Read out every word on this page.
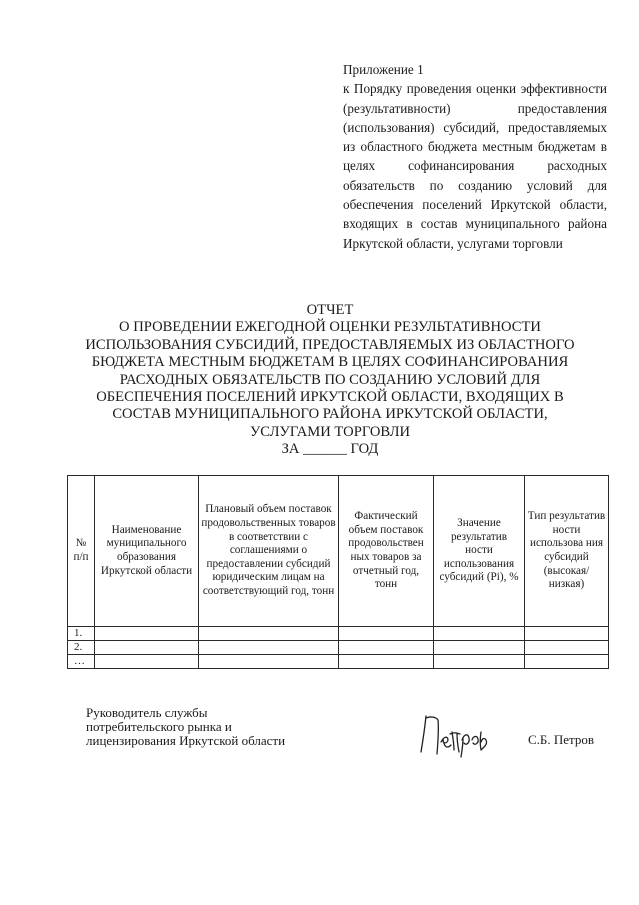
Приложение 1
к Порядку проведения оценки эффективности (результативности) предоставления (использования) субсидий, предоставляемых из областного бюджета местным бюджетам в целях софинансирования расходных обязательств по созданию условий для обеспечения поселений Иркутской области, входящих в состав муниципального района Иркутской области, услугами торговли
ОТЧЕТ
О ПРОВЕДЕНИИ ЕЖЕГОДНОЙ ОЦЕНКИ РЕЗУЛЬТАТИВНОСТИ
ИСПОЛЬЗОВАНИЯ СУБСИДИЙ, ПРЕДОСТАВЛЯЕМЫХ ИЗ ОБЛАСТНОГО
БЮДЖЕТА МЕСТНЫМ БЮДЖЕТАМ В ЦЕЛЯХ СОФИНАНСИРОВАНИЯ
РАСХОДНЫХ ОБЯЗАТЕЛЬСТВ ПО СОЗДАНИЮ УСЛОВИЙ ДЛЯ
ОБЕСПЕЧЕНИЯ ПОСЕЛЕНИЙ ИРКУТСКОЙ ОБЛАСТИ, ВХОДЯЩИХ В
СОСТАВ МУНИЦИПАЛЬНОГО РАЙОНА ИРКУТСКОЙ ОБЛАСТИ,
УСЛУГАМИ ТОРГОВЛИ
ЗА ______ ГОД
№ п/п	Наименование муниципального образования Иркутской области	Плановый объем поставок продовольственных товаров в соответствии с соглашениями о предоставлении субсидий юридическим лицам на соответствующий год, тонн	Фактический объем поставок продовольствен ных товаров за отчетный год, тонн	Значение результатив ности использования субсидий (Pi), %	Тип результатив ности использова ния субсидий (высокая/ низкая)
1.					
2.					
…					
Руководитель службы
потребительского рынка и
лицензирования Иркутской области	С.Б. Петров
